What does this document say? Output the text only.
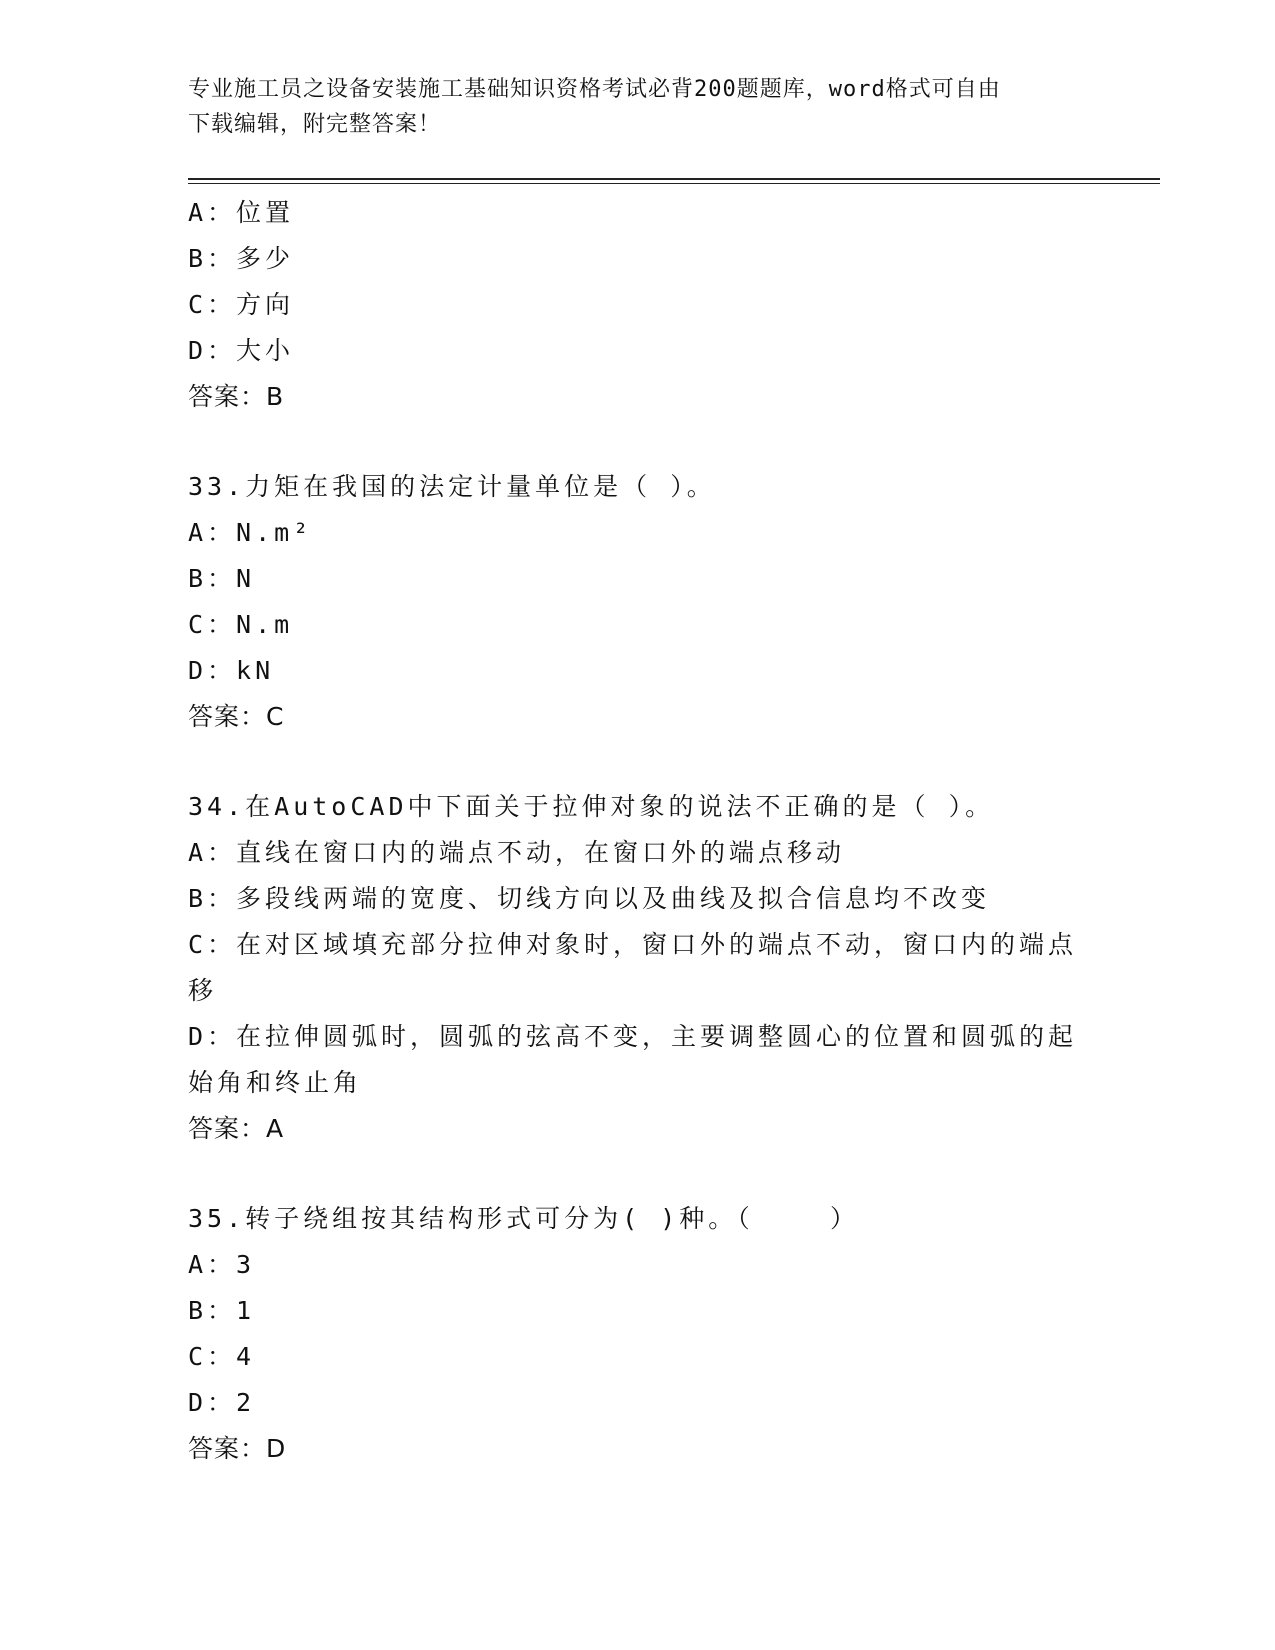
专业施工员之设备安装施工基础知识资格考试必背200题题库，word格式可自由
下载编辑，附完整答案！
A：位置
B：多少
C：方向
D：大小
答案：B
33.力矩在我国的法定计量单位是（ ）。
A：N.m²
B：N
C：N.m
D：kN
答案：C
34.在AutoCAD中下面关于拉伸对象的说法不正确的是（ ）。
A：直线在窗口内的端点不动，在窗口外的端点移动
B：多段线两端的宽度、切线方向以及曲线及拟合信息均不改变
C：在对区域填充部分拉伸对象时，窗口外的端点不动，窗口内的端点移
D：在拉伸圆弧时，圆弧的弦高不变，主要调整圆心的位置和圆弧的起始角和终止角
答案：A
35.转子绕组按其结构形式可分为( )种。（    ）
A：3
B：1
C：4
D：2
答案：D
